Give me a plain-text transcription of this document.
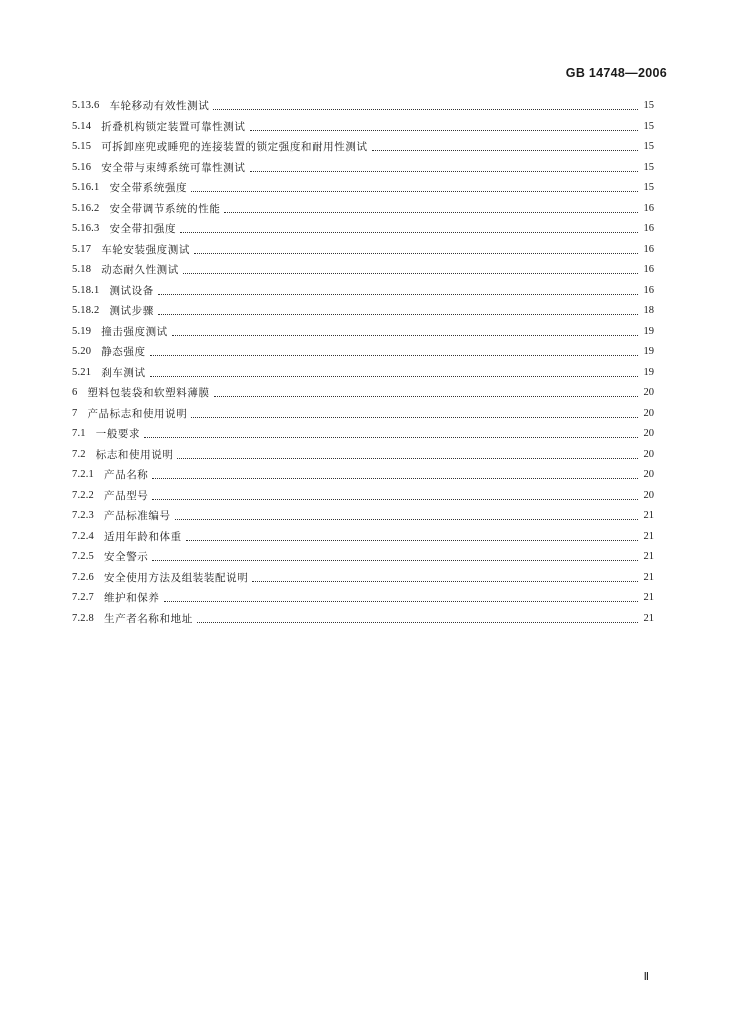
GB 14748—2006
5.13.6 车轮移动有效性测试	15
5.14 折叠机构锁定装置可靠性测试	15
5.15 可拆卸座兜或睡兜的连接装置的锁定强度和耐用性测试	15
5.16 安全带与束缚系统可靠性测试	15
5.16.1 安全带系统强度	15
5.16.2 安全带调节系统的性能	16
5.16.3 安全带扣强度	16
5.17 车轮安装强度测试	16
5.18 动态耐久性测试	16
5.18.1 测试设备	16
5.18.2 测试步骤	18
5.19 撞击强度测试	19
5.20 静态强度	19
5.21 刹车测试	19
6 塑料包装袋和软塑料薄膜	20
7 产品标志和使用说明	20
7.1 一般要求	20
7.2 标志和使用说明	20
7.2.1 产品名称	20
7.2.2 产品型号	20
7.2.3 产品标准编号	21
7.2.4 适用年龄和体重	21
7.2.5 安全警示	21
7.2.6 安全使用方法及组装装配说明	21
7.2.7 维护和保养	21
7.2.8 生产者名称和地址	21
Ⅱ
